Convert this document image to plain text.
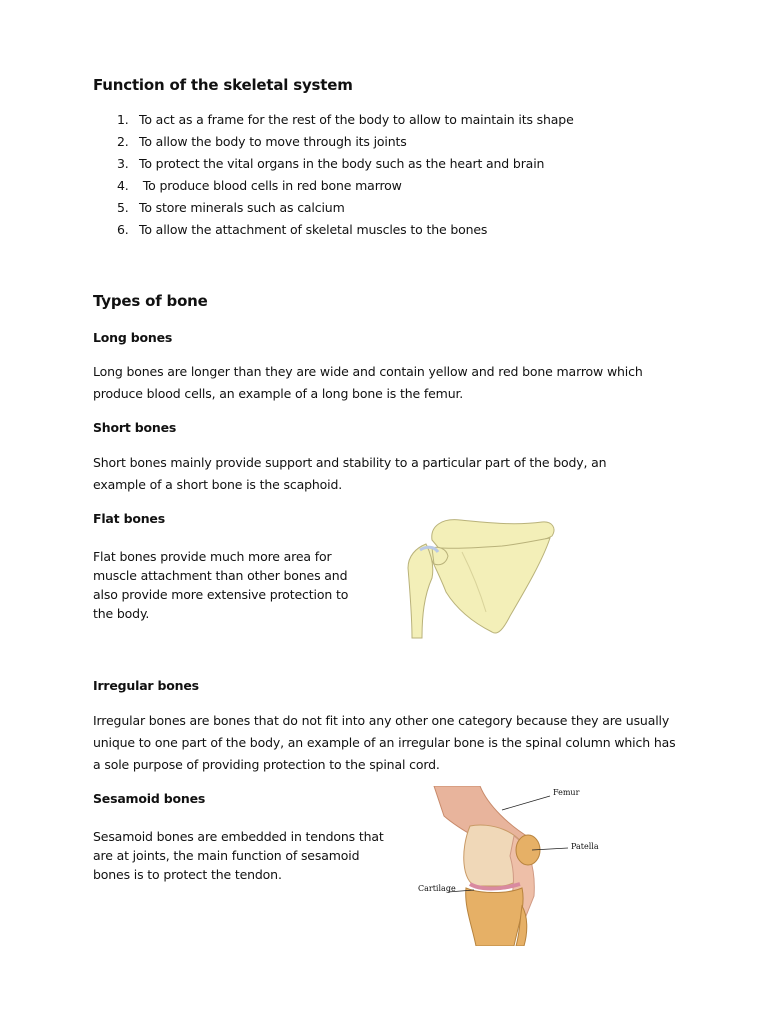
Function of the skeletal system
1. To act as a frame for the rest of the body to allow to maintain its shape
2. To allow the body to move through its joints
3. To protect the vital organs in the body such as the heart and brain
4. To produce blood cells in red bone marrow
5. To store minerals such as calcium
6. To allow the attachment of skeletal muscles to the bones
Types of bone
Long bones
Long bones are longer than they are wide and contain yellow and red bone marrow which produce blood cells, an example of a long bone is the femur.
Short bones
Short bones mainly provide support and stability to a particular part of the body, an example of a short bone is the scaphoid.
Flat bones
Flat bones provide much more area for muscle attachment than other bones and also provide more extensive protection to the body.
Irregular bones
Irregular bones are bones that do not fit into any other one category because they are usually unique to one part of the body, an example of an irregular bone is the spinal column which has a sole purpose of providing protection to the spinal cord.
Sesamoid bones
Sesamoid bones are embedded in tendons that are at joints, the main function of sesamoid bones is to protect the tendon.
Femur
Patella
Cartilage
